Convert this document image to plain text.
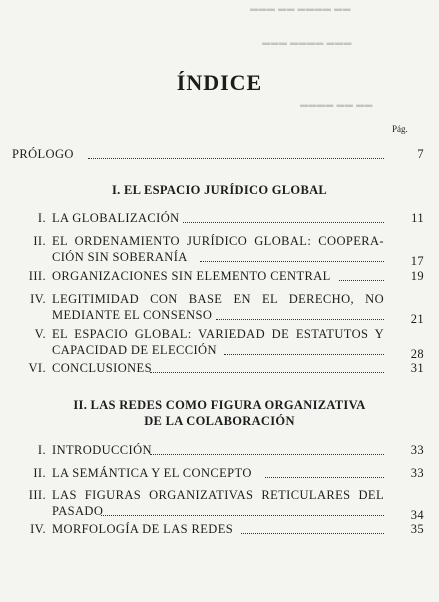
▬▬▬ ▬▬ ▬▬▬▬ ▬▬
▬▬▬ ▬▬▬▬ ▬▬▬
▬▬▬▬ ▬▬ ▬▬
ÍNDICE
Pág.
PRÓLOGO	7
I. EL ESPACIO JURÍDICO GLOBAL
I. LA GLOBALIZACIÓN	11
II. EL ORDENAMIENTO JURÍDICO GLOBAL: COOPERA-
CIÓN SIN SOBERANÍA	17
III. ORGANIZACIONES SIN ELEMENTO CENTRAL	19
IV. LEGITIMIDAD CON BASE EN EL DERECHO, NO
MEDIANTE EL CONSENSO	21
V. EL ESPACIO GLOBAL: VARIEDAD DE ESTATUTOS Y
CAPACIDAD DE ELECCIÓN	28
VI. CONCLUSIONES	31
II. LAS REDES COMO FIGURA ORGANIZATIVA
DE LA COLABORACIÓN
I. INTRODUCCIÓN	33
II. LA SEMÁNTICA Y EL CONCEPTO	33
III. LAS FIGURAS ORGANIZATIVAS RETICULARES DEL
PASADO	34
IV. MORFOLOGÍA DE LAS REDES	35
